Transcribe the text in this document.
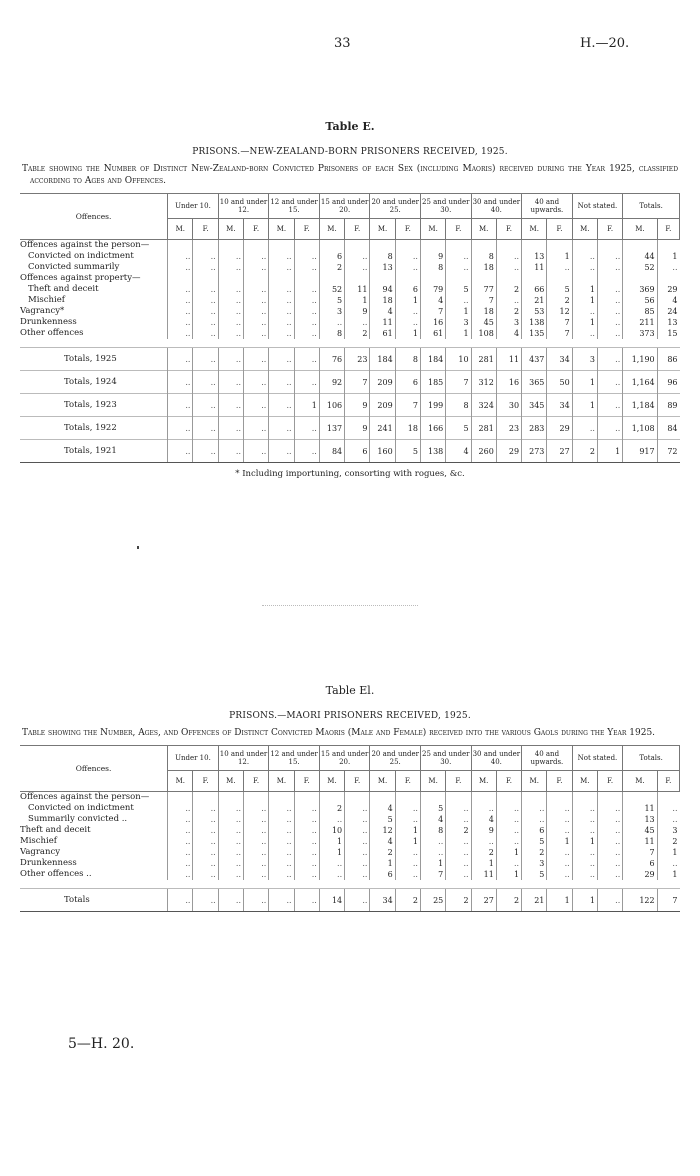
33	H.—20.
Table E.
PRISONS.—NEW-ZEALAND-BORN PRISONERS RECEIVED, 1925.
Table showing the Number of Distinct New-Zealand-born Convicted Prisoners of each Sex (including Maoris) received during the Year 1925, classified according to Ages and Offences.
Offences.	Under 10.		10 and under 12.		12 and under 15.		15 and under 20.		20 and under 25.		25 and under 30.		30 and under 40.		40 and upwards.		Not stated.		Totals.	
	M.	F.	M.	F.	M.	F.	M.	F.	M.	F.	M.	F.	M.	F.	M.	F.	M.	F.	M.	F.
Offences against the person—																				
Convicted on indictment	..	..	..	..	..	..	6	..	8	..	9	..	8	..	13	1	..	..	44	1
Convicted summarily	..	..	..	..	..	..	2	..	13	..	8	..	18	..	11	..	..	..	52	..
Offences against property—																				
Theft and deceit	..	..	..	..	..	..	52	11	94	6	79	5	77	2	66	5	1	..	369	29
Mischief	..	..	..	..	..	..	5	1	18	1	4	..	7	..	21	2	1	..	56	4
Vagrancy*	..	..	..	..	..	..	3	9	4	..	7	1	18	2	53	12	..	..	85	24
Drunkenness	..	..	..	..	..	..	..	..	11	..	16	3	45	3	138	7	1	..	211	13
Other offences	..	..	..	..	..	..	8	2	61	1	61	1	108	4	135	7	..	..	373	15

Totals, 1925	..	..	..	..	..	..	76	23	184	8	184	10	281	11	437	34	3	..	1,190	86
Totals, 1924	..	..	..	..	..	..	92	7	209	6	185	7	312	16	365	50	1	..	1,164	96
Totals, 1923	..	..	..	..	..	1	106	9	209	7	199	8	324	30	345	34	1	..	1,184	89
Totals, 1922	..	..	..	..	..	..	137	9	241	18	166	5	281	23	283	29	..	..	1,108	84
Totals, 1921	..	..	..	..	..	..	84	6	160	5	138	4	260	29	273	27	2	1	917	72
* Including importuning, consorting with rogues, &c.
Table El.
PRISONS.—MAORI PRISONERS RECEIVED, 1925.
Table showing the Number, Ages, and Offences of Distinct Convicted Maoris (Male and Female) received into the various Gaols during the Year 1925.
Offences.	Under 10.		10 and under 12.		12 and under 15.		15 and under 20.		20 and under 25.		25 and under 30.		30 and under 40.		40 and upwards.		Not stated.		Totals.	
	M.	F.	M.	F.	M.	F.	M.	F.	M.	F.	M.	F.	M.	F.	M.	F.	M.	F.	M.	F.
Offences against the person—																				
Convicted on indictment	..	..	..	..	..	..	2	..	4	..	5	..	..	..	..	..	..	..	11	..
Summarily convicted ..	..	..	..	..	..	..	..	..	5	..	4	..	4	..	..	..	..	..	13	..
Theft and deceit	..	..	..	..	..	..	10	..	12	1	8	2	9	..	6	..	..	..	45	3
Mischief	..	..	..	..	..	..	1	..	4	1	..	..	..	..	5	1	1	..	11	2
Vagrancy	..	..	..	..	..	..	1	..	2	..	..	..	2	1	2	..	..	..	7	1
Drunkenness	..	..	..	..	..	..	..	..	1	..	1	..	1	..	3	..	..	..	6	..
Other offences ..	..	..	..	..	..	..	..	..	6	..	7	..	11	1	5	..	..	..	29	1

Totals	..	..	..	..	..	..	14	..	34	2	25	2	27	2	21	1	1	..	122	7
5—H. 20.
